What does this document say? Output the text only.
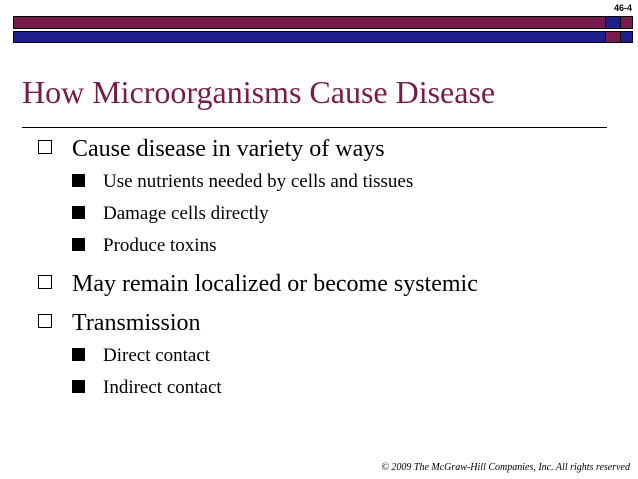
46-4
How Microorganisms Cause Disease
Cause disease in variety of ways
Use nutrients needed by cells and tissues
Damage cells directly
Produce toxins
May remain localized or become systemic
Transmission
Direct contact
Indirect contact
© 2009 The McGraw-Hill Companies, Inc. All rights reserved
